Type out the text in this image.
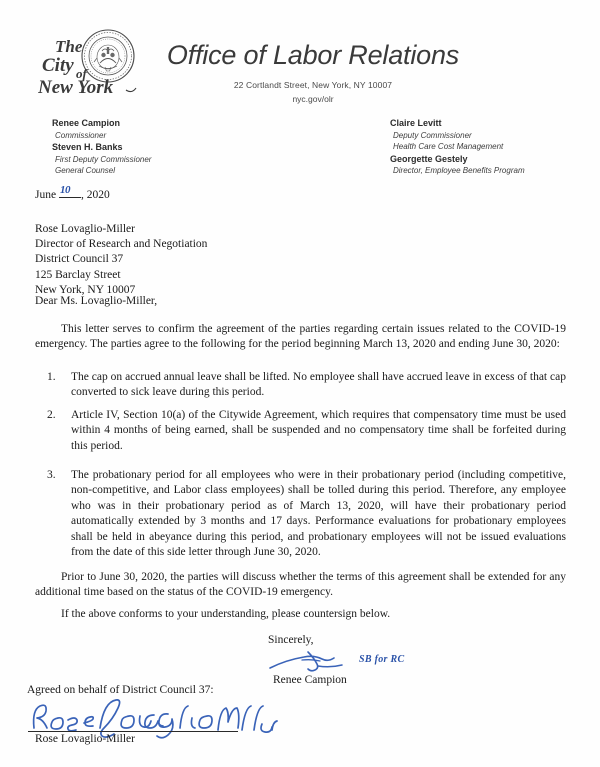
The
City of
New York
Office of Labor Relations
22 Cortlandt Street, New York, NY 10007
nyc.gov/olr
Renee Campion
Commissioner
Steven H. Banks
First Deputy Commissioner
General Counsel
Claire Levitt
Deputy Commissioner
Health Care Cost Management
Georgette Gestely
Director, Employee Benefits Program
June 10 , 2020
Rose Lovaglio-Miller
Director of Research and Negotiation
District Council 37
125 Barclay Street
New York, NY 10007
Dear Ms. Lovaglio-Miller,
This letter serves to confirm the agreement of the parties regarding certain issues related to the COVID-19 emergency. The parties agree to the following for the period beginning March 13, 2020 and ending June 30, 2020:
1. The cap on accrued annual leave shall be lifted. No employee shall have accrued leave in excess of that cap converted to sick leave during this period.
2. Article IV, Section 10(a) of the Citywide Agreement, which requires that compensatory time must be used within 4 months of being earned, shall be suspended and no compensatory time shall be forfeited during this period.
3. The probationary period for all employees who were in their probationary period (including competitive, non-competitive, and Labor class employees) shall be tolled during this period. Therefore, any employee who was in their probationary period as of March 13, 2020, will have their probationary period automatically extended by 3 months and 17 days. Performance evaluations for probationary employees shall be held in abeyance during this period, and probationary employees will not be issued evaluations from the date of this side letter through June 30, 2020.
Prior to June 30, 2020, the parties will discuss whether the terms of this agreement shall be extended for any additional time based on the status of the COVID-19 emergency.
If the above conforms to your understanding, please countersign below.
Sincerely,
SB for RC
Renee Campion
Agreed on behalf of District Council 37:
Rose Lovaglio-Miller
